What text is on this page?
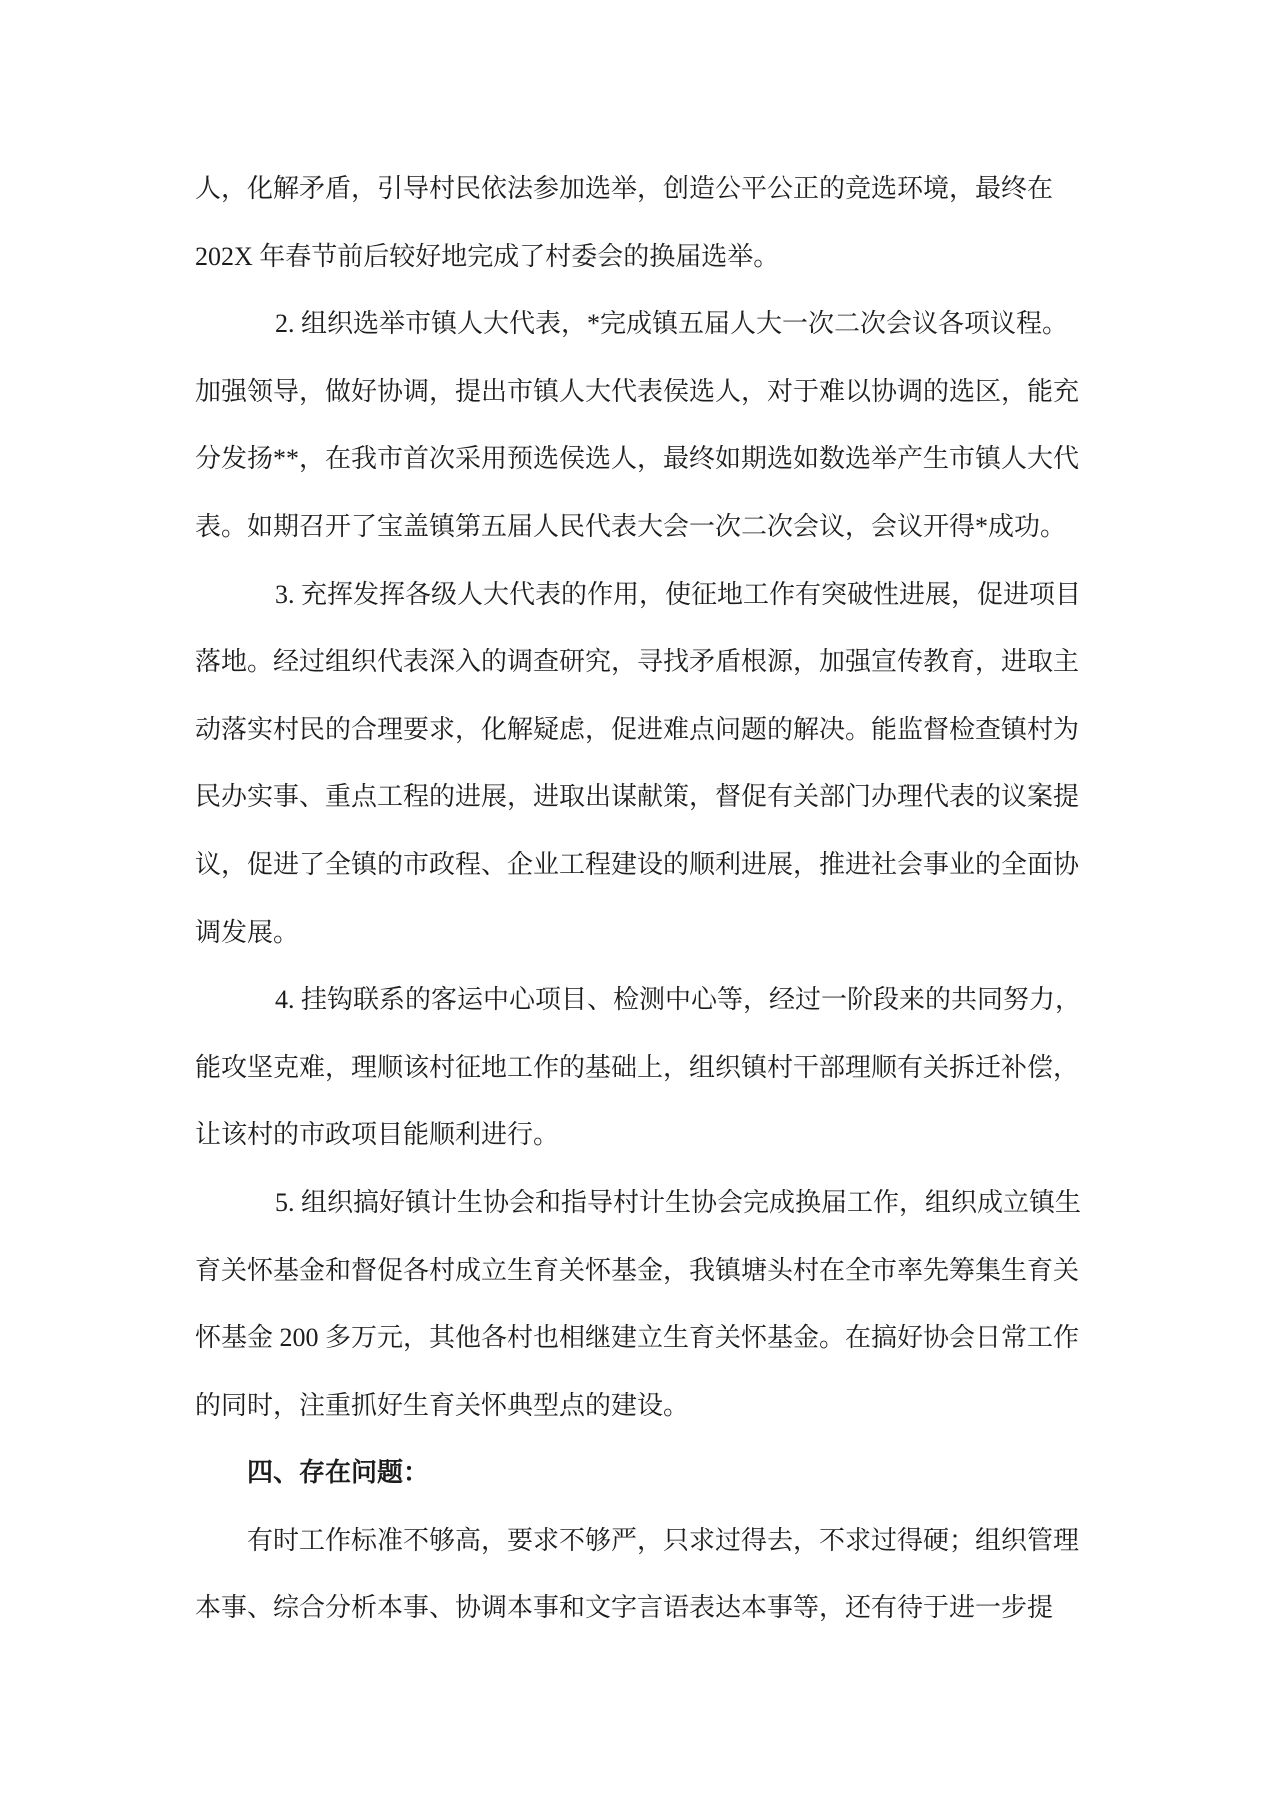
人，化解矛盾，引导村民依法参加选举，创造公平公正的竞选环境，最终在
202X 年春节前后较好地完成了村委会的换届选举。
2. 组织选举市镇人大代表，*完成镇五届人大一次二次会议各项议程。
加强领导，做好协调，提出市镇人大代表侯选人，对于难以协调的选区，能充
分发扬**，在我市首次采用预选侯选人，最终如期选如数选举产生市镇人大代
表。如期召开了宝盖镇第五届人民代表大会一次二次会议，会议开得*成功。
3. 充挥发挥各级人大代表的作用，使征地工作有突破性进展，促进项目
落地。经过组织代表深入的调查研究，寻找矛盾根源，加强宣传教育，进取主
动落实村民的合理要求，化解疑虑，促进难点问题的解决。能监督检查镇村为
民办实事、重点工程的进展，进取出谋献策，督促有关部门办理代表的议案提
议，促进了全镇的市政程、企业工程建设的顺利进展，推进社会事业的全面协
调发展。
4. 挂钩联系的客运中心项目、检测中心等，经过一阶段来的共同努力，
能攻坚克难，理顺该村征地工作的基础上，组织镇村干部理顺有关拆迁补偿，
让该村的市政项目能顺利进行。
5. 组织搞好镇计生协会和指导村计生协会完成换届工作，组织成立镇生
育关怀基金和督促各村成立生育关怀基金，我镇塘头村在全市率先筹集生育关
怀基金 200 多万元，其他各村也相继建立生育关怀基金。在搞好协会日常工作
的同时，注重抓好生育关怀典型点的建设。
四、存在问题：
有时工作标准不够高，要求不够严，只求过得去，不求过得硬；组织管理
本事、综合分析本事、协调本事和文字言语表达本事等，还有待于进一步提
